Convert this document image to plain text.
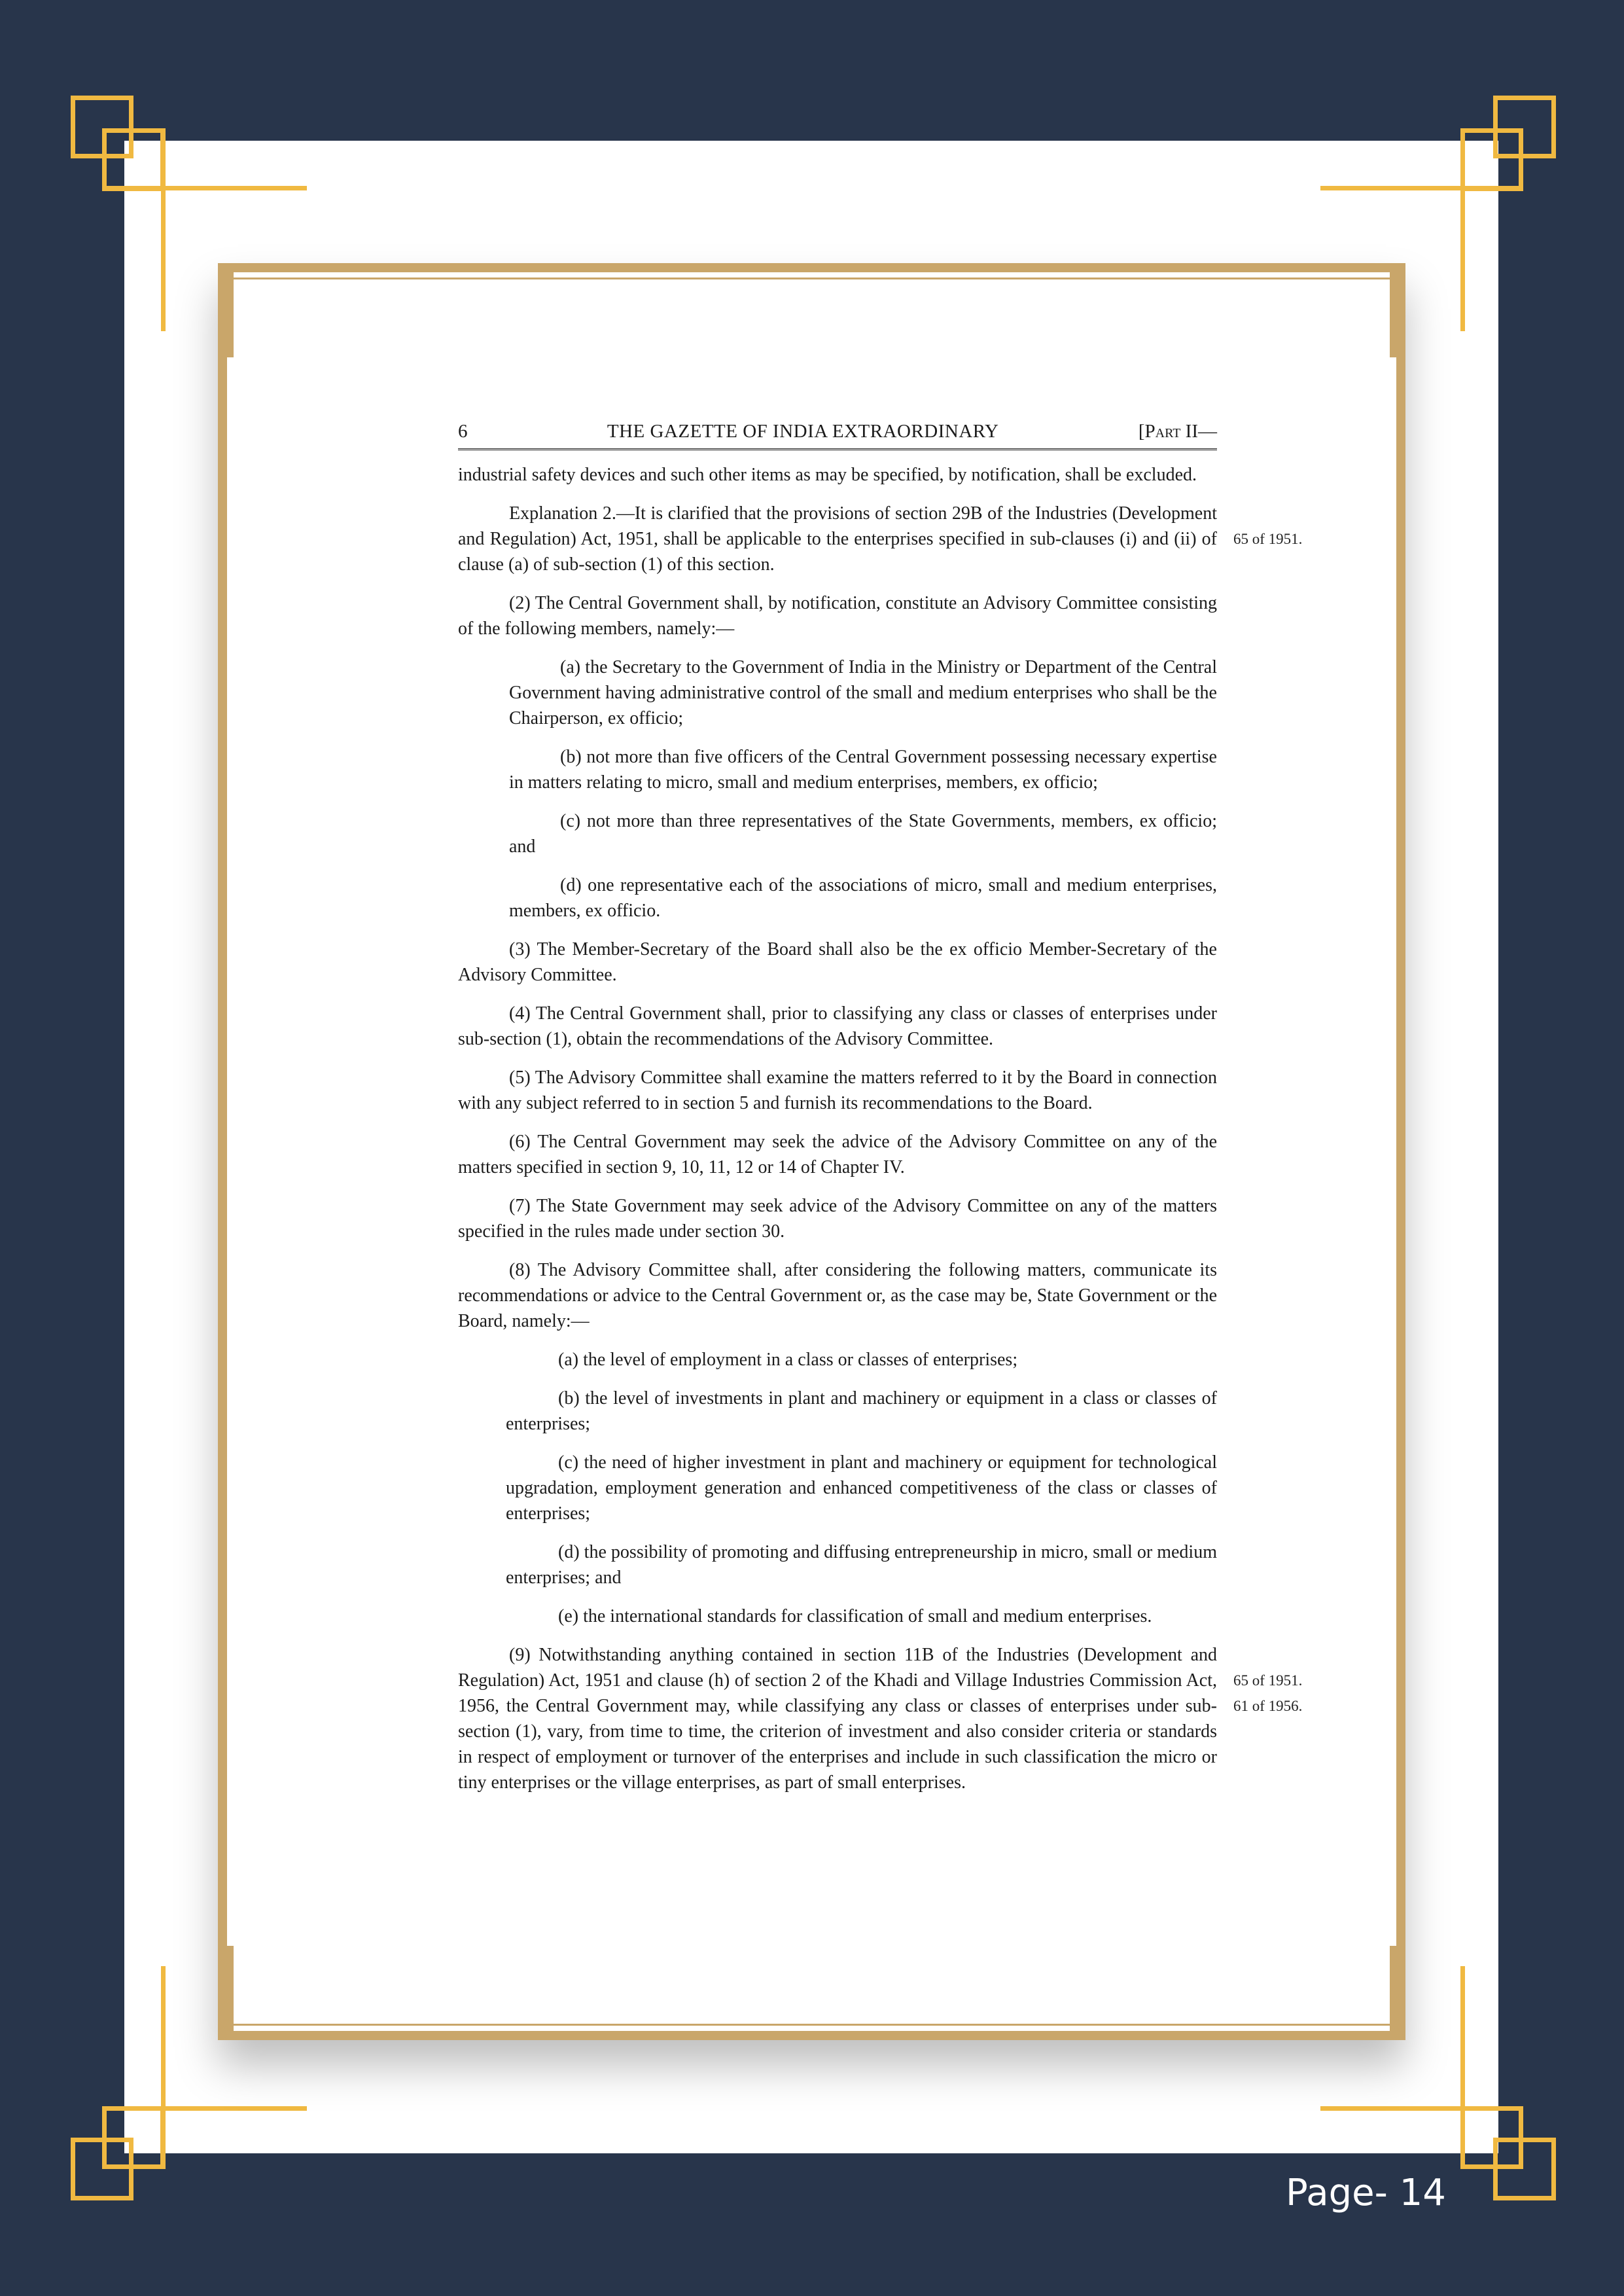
6	THE GAZETTE OF INDIA EXTRAORDINARY	[Part II—

industrial safety devices and such other items as may be specified, by notification, shall be excluded.

Explanation 2.—It is clarified that the provisions of section 29B of the Industries (Development and Regulation) Act, 1951, shall be applicable to the enterprises specified in sub-clauses (i) and (ii) of clause (a) of sub-section (1) of this section.

65 of 1951.

(2) The Central Government shall, by notification, constitute an Advisory Committee consisting of the following members, namely:—

(a) the Secretary to the Government of India in the Ministry or Department of the Central Government having administrative control of the small and medium enterprises who shall be the Chairperson, ex officio;

(b) not more than five officers of the Central Government possessing necessary expertise in matters relating to micro, small and medium enterprises, members, ex officio;

(c) not more than three representatives of the State Governments, members, ex officio; and

(d) one representative each of the associations of micro, small and medium enterprises, members, ex officio.

(3) The Member-Secretary of the Board shall also be the ex officio Member-Secretary of the Advisory Committee.

(4) The Central Government shall, prior to classifying any class or classes of enterprises under sub-section (1), obtain the recommendations of the Advisory Committee.

(5) The Advisory Committee shall examine the matters referred to it by the Board in connection with any subject referred to in section 5 and furnish its recommendations to the Board.

(6) The Central Government may seek the advice of the Advisory Committee on any of the matters specified in section 9, 10, 11, 12 or 14 of Chapter IV.

(7) The State Government may seek advice of the Advisory Committee on any of the matters specified in the rules made under section 30.

(8) The Advisory Committee shall, after considering the following matters, communicate its recommendations or advice to the Central Government or, as the case may be, State Government or the Board, namely:—

(a) the level of employment in a class or classes of enterprises;

(b) the level of investments in plant and machinery or equipment in a class or classes of enterprises;

(c) the need of higher investment in plant and machinery or equipment for technological upgradation, employment generation and enhanced competitiveness of the class or classes of enterprises;

(d) the possibility of promoting and diffusing entrepreneurship in micro, small or medium enterprises; and

(e) the international standards for classification of small and medium enterprises.

(9) Notwithstanding anything contained in section 11B of the Industries (Development and Regulation) Act, 1951 and clause (h) of section 2 of the Khadi and Village Industries Commission Act, 1956, the Central Government may, while classifying any class or classes of enterprises under sub-section (1), vary, from time to time, the criterion of investment and also consider criteria or standards in respect of employment or turnover of the enterprises and include in such classification the micro or tiny enterprises or the village enterprises, as part of small enterprises.

65 of 1951.
61 of 1956.
Page- 14
